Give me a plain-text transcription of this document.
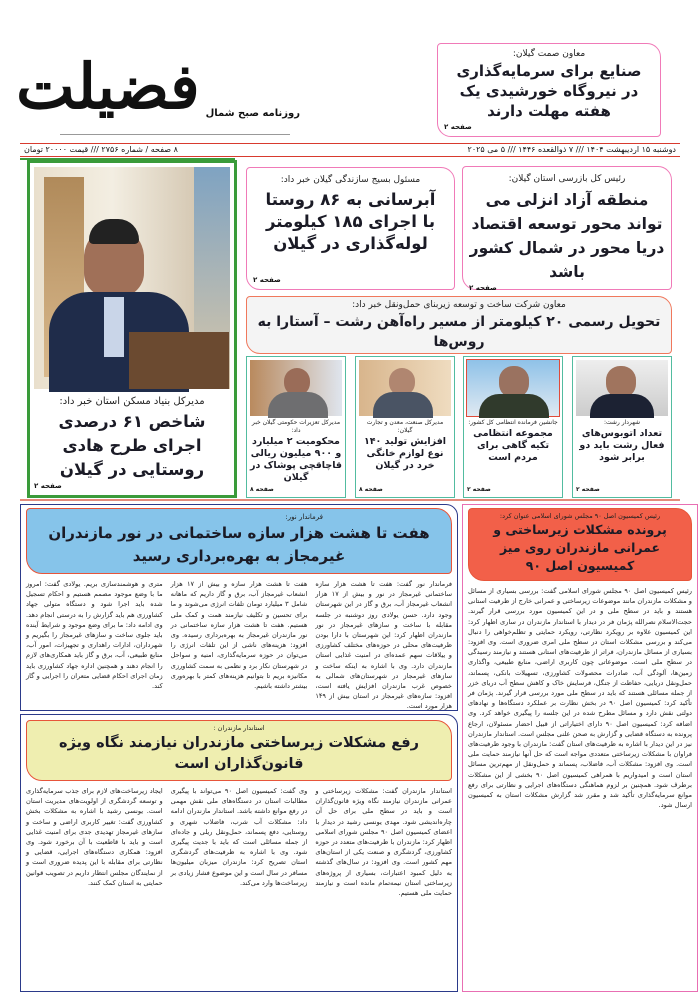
روزنامه صبح شمال
فضیلت	معاون صمت گیلان:
صنایع برای سرمایه‌گذاری در نیروگاه خورشیدی یک هفته مهلت دارند
صفحه ۲
دوشنبه ۱۵ اردیبهشت ۱۴۰۴ /// ۷ ذوالقعده ۱۴۴۶ /// ۵ می ۲۰۲۵
۸ صفحه / شماره ۲۷۵۶ /// قیمت ۲۰۰۰۰ تومان
مدیرکل بنیاد مسکن استان خبر داد:
شاخص ۶۱ درصدی اجرای طرح هادی روستایی در گیلان
صفحه ۲
رئیس کل بازرسی استان گیلان:
منطقه آزاد انزلی می تواند محور توسعه اقتصاد دریا محور در شمال کشور باشد
صفحه ۲
مسئول بسیج سازندگی گیلان خبر داد:
آبرسانی به ۸۶ روستا با اجرای ۱۸۵ کیلومتر لوله‌گذاری در گیلان
صفحه ۲
معاون شرکت ساخت و توسعه زیربنای حمل‌ونقل خبر داد:
تحویل رسمی ۲۰ کیلومتر از مسیر راه‌آهن رشت – آستارا به روس‌ها
شهردار رشت:
تعداد اتوبوس‌های فعال رشت باید دو برابر شود
صفحه ۲
جانشین فرمانده انتظامی کل کشور:
مجموعه انتظامی تکیه گاهی برای مردم است
صفحه ۲
مدیرکل صنعت، معدن و تجارت گیلان:
افزایش تولید ۱۴۰ نوع لوازم خانگی خرد در گیلان
صفحه ۸
مدیرکل تعزیرات حکومتی گیلان خبر داد:
محکومیت ۲ میلیارد و ۹۰۰ میلیون ریالی قاچاقچی پوشاک در گیلان
صفحه ۸
فرماندار نور:
هفت تا هشت هزار سازه ساختمانی در نور مازندران غیرمجاز به بهره‌برداری رسید

فرماندار نور گفت: هفت تا هشت هزار سازه ساختمانی غیرمجاز در نور و بیش از ۱۷ هزار انشعاب غیرمجاز آب، برق و گاز در این شهرستان وجود دارد. حسن یولادی روز دوشنبه در جلسه مقابله با ساخت و سازهای غیرمجاز در نور مازندران اظهار کرد: این شهرستان با دارا بودن ظرفیت‌های محلی در حوزه‌های مختلف کشاورزی و ییلاقات سهم عمده‌ای در امنیت غذایی استان مازندران دارد. وی با اشاره به اینکه ساخت و سازهای غیرمجاز در شهرستان‌های شمالی به خصوص غرب مازندران افزایش یافته است، افزود: سازه‌های غیرمجاز در استان بیش از ۱۴۹ هزار مورد است.

هفت تا هشت هزار سازه و بیش از ۱۷ هزار انشعاب غیرمجاز آب، برق و گاز داریم که ماهانه شامل ۳ میلیارد تومان تلفات انرژی می‌شوند و ما برای تحسین و تکلیف نیازمند همت و کمک ملی هستیم. هفت تا هشت هزار سازه ساختمانی در نور مازندران غیرمجاز به بهره‌برداری رسیده. وی افزود: هزینه‌های ناشی از این تلفات انرژی را می‌توان در حوزه سرمایه‌گذاری، امنیه و سواحل در شهرستان نکار برد و نظمی به سمت کشاورزی مکانیزه بریم تا بتوانیم هزینه‌های کمتر با بهره‌وری بیشتر داشته باشیم.

متری و هوشمندسازی بریم. یولادی گفت: امروز ما با وضع موجود مصمم هستیم و احکام تسجیل شده باید اجرا شود و دستگاه متولی جهاد کشاورزی هم باید گزارش را به درستی انجام دهد. وی ادامه داد: ما برای وضع موجود و شرایط آینده باید جلوی ساخت و سازهای غیرمجاز را بگیریم و شهرداران، ادارات راهداری و تجهیزات، امور آب، منابع طبیعی، آب، برق و گاز باید همکاری‌های لازم را انجام دهند و همچنین اداره جهاد کشاورزی باید زمان اجرای احکام قضایی متعران را اجرایی و گاز کند.

رئیس کمیسیون اصل ۹۰ مجلس شورای اسلامی عنوان کرد:
پرونده مشکلات زیرساختی و عمرانی مازندران روی میز کمیسیون اصل ۹۰

رئیس کمیسیون اصل ۹۰ مجلس شورای اسلامی گفت: بررسی بسیاری از مسائل و مشکلات مازندران مانند موضوعات زیرساختی و عمرانی خارج از ظرفیت استانی هستند و باید در سطح ملی و در این کمیسیون مورد بررسی قرار گیرند. حجت‌الاسلام نصرالله پژمان فر در دیدار با استاندار مازندران در ساری اظهار کرد: این کمیسیون علاوه بر رویکرد نظارتی، رویکرد حمایتی و تظلم‌خواهی را دنبال می‌کند و بررسی مشکلات استان در سطح ملی امری ضروری است. وی افزود: بسیاری از مسائل مازندران، فراتر از ظرفیت‌های استانی هستند و نیازمند رسیدگی در سطح ملی است. موضوعاتی چون کاربری اراضی، منابع طبیعی، واگذاری زمین‌ها، آلودگی آب، صادرات محصولات کشاورزی، تسهیلات بانکی، پسماند، حمل‌ونقل دریایی، حفاظت از جنگل، فرسایش خاک و کاهش سطح آب دریای خزر از جمله مسائلی هستند که باید در سطح ملی مورد بررسی قرار گیرند. پژمان فر تأکید کرد: کمیسیون اصل ۹۰ در بخش نظارت بر عملکرد دستگاه‌ها و نهادهای دولتی نقش دارد و مسائل مطرح شده در این جلسه را پیگیری خواهد کرد. وی اضافه کرد: کمیسیون اصل ۹۰ دارای اختیاراتی از قبیل احضار مسئولان، ارجاع پرونده به دستگاه قضایی و گزارش به صحن علنی مجلس است. استاندار مازندران نیز در این دیدار با اشاره به ظرفیت‌های استان گفت: مازندران با وجود ظرفیت‌های فراوان با مشکلات زیرساختی متعددی مواجه است که حل آنها نیازمند حمایت ملی است. وی افزود: مشکلات آب، فاضلاب، پسماند و حمل‌ونقل از مهم‌ترین مسائل استان است و امیدواریم با همراهی کمیسیون اصل ۹۰ بخشی از این مشکلات برطرف شود. همچنین بر لزوم هماهنگی دستگاه‌های اجرایی و نظارتی برای رفع موانع سرمایه‌گذاری تأکید شد و مقرر شد گزارش مشکلات استان به کمیسیون ارسال شود.

استاندار مازندران :
رفع مشکلات زیرساختی مازندران نیازمند نگاه ویژه قانون‌گذاران است

استاندار مازندران گفت: مشکلات زیرساختی و عمرانی مازندران نیازمند نگاه ویژه قانون‌گذاران است و باید در سطح ملی برای حل آن چاره‌اندیشی شود. مهدی یونسی رشید در دیدار با اعضای کمیسیون اصل ۹۰ مجلس شورای اسلامی اظهار کرد: مازندران با ظرفیت‌های متعدد در حوزه کشاورزی، گردشگری و صنعت یکی از استان‌های مهم کشور است. وی افزود: در سال‌های گذشته به دلیل کمبود اعتبارات، بسیاری از پروژه‌های زیرساختی استان نیمه‌تمام مانده است و نیازمند حمایت ملی هستیم.

وی گفت: کمیسیون اصل ۹۰ می‌تواند با پیگیری مطالبات استان در دستگاه‌های ملی نقش مهمی در رفع موانع داشته باشد. استاندار مازندران ادامه داد: مشکلات آب شرب، فاضلاب شهری و روستایی، دفع پسماند، حمل‌ونقل ریلی و جاده‌ای از جمله مسائلی است که باید با جدیت پیگیری شود. وی با اشاره به ظرفیت‌های گردشگری استان تصریح کرد: مازندران میزبان میلیون‌ها مسافر در سال است و این موضوع فشار زیادی بر زیرساخت‌ها وارد می‌کند.

ایجاد زیرساخت‌های لازم برای جذب سرمایه‌گذاری و توسعه گردشگری از اولویت‌های مدیریت استان است. یونسی رشید با اشاره به مشکلات بخش کشاورزی گفت: تغییر کاربری اراضی و ساخت و سازهای غیرمجاز تهدیدی جدی برای امنیت غذایی است و باید با قاطعیت با آن برخورد شود. وی افزود: همکاری دستگاه‌های اجرایی، قضایی و نظارتی برای مقابله با این پدیده ضروری است و از نمایندگان مجلس انتظار داریم در تصویب قوانین حمایتی به استان کمک کنند.
